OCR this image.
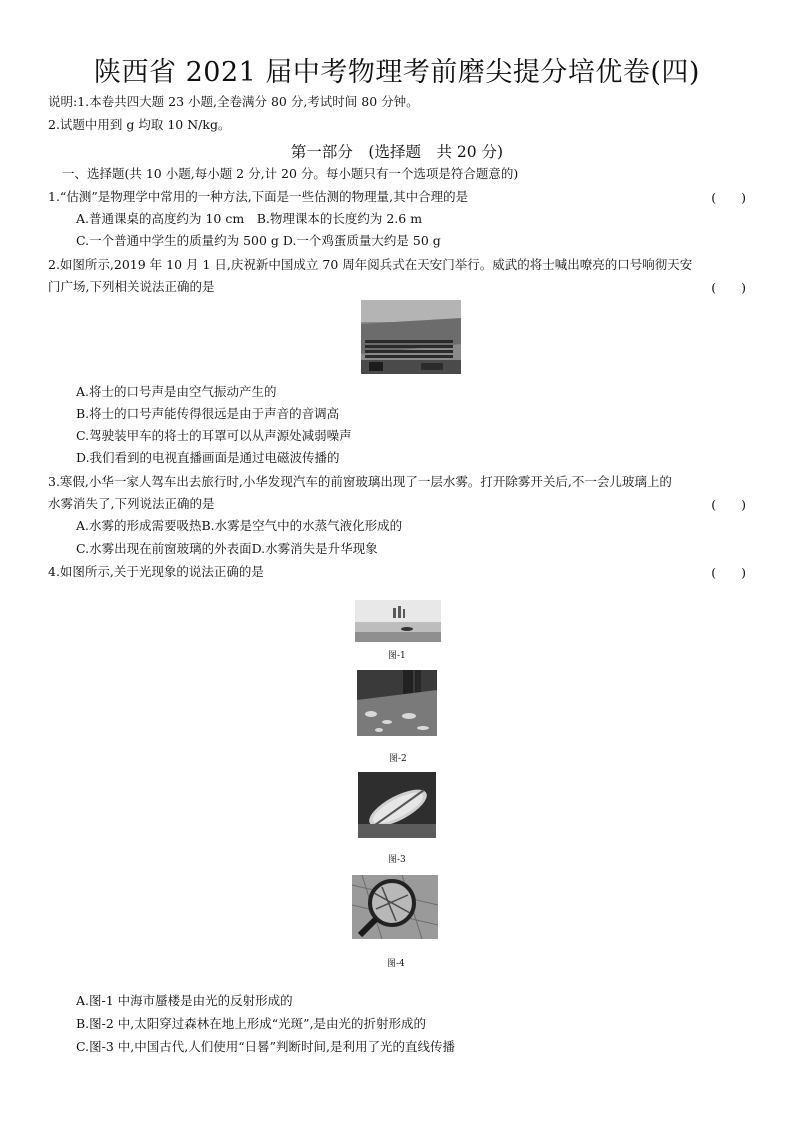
陕西省 2021 届中考物理考前磨尖提分培优卷(四)
说明:1.本卷共四大题 23 小题,全卷满分 80 分,考试时间 80 分钟。
2.试题中用到 g 均取 10 N/kg。
第一部分　(选择题　共 20 分)
一、选择题(共 10 小题,每小题 2 分,计 20 分。每小题只有一个选项是符合题意的)
1.“估测”是物理学中常用的一种方法,下面是一些估测的物理量,其中合理的是	(　　)
A.普通课桌的高度约为 10 cm　B.物理课本的长度约为 2.6 m
C.一个普通中学生的质量约为 500 g D.一个鸡蛋质量大约是 50 g
2.如图所示,2019 年 10 月 1 日,庆祝新中国成立 70 周年阅兵式在天安门举行。威武的将士喊出嘹亮的口号响彻天安
门广场,下列相关说法正确的是	(　　)
A.将士的口号声是由空气振动产生的
B.将士的口号声能传得很远是由于声音的音调高
C.驾驶装甲车的将士的耳罩可以从声源处减弱噪声
D.我们看到的电视直播画面是通过电磁波传播的
3.寒假,小华一家人驾车出去旅行时,小华发现汽车的前窗玻璃出现了一层水雾。打开除雾开关后,不一会儿玻璃上的
水雾消失了,下列说法正确的是	(　　)
A.水雾的形成需要吸热B.水雾是空气中的水蒸气液化形成的
C.水雾出现在前窗玻璃的外表面D.水雾消失是升华现象
4.如图所示,关于光现象的说法正确的是	(　　)
图-1
图-2
图-3
图-4
A.图-1 中海市蜃楼是由光的反射形成的
B.图-2 中,太阳穿过森林在地上形成“光斑”,是由光的折射形成的
C.图-3 中,中国古代,人们使用“日晷”判断时间,是利用了光的直线传播
